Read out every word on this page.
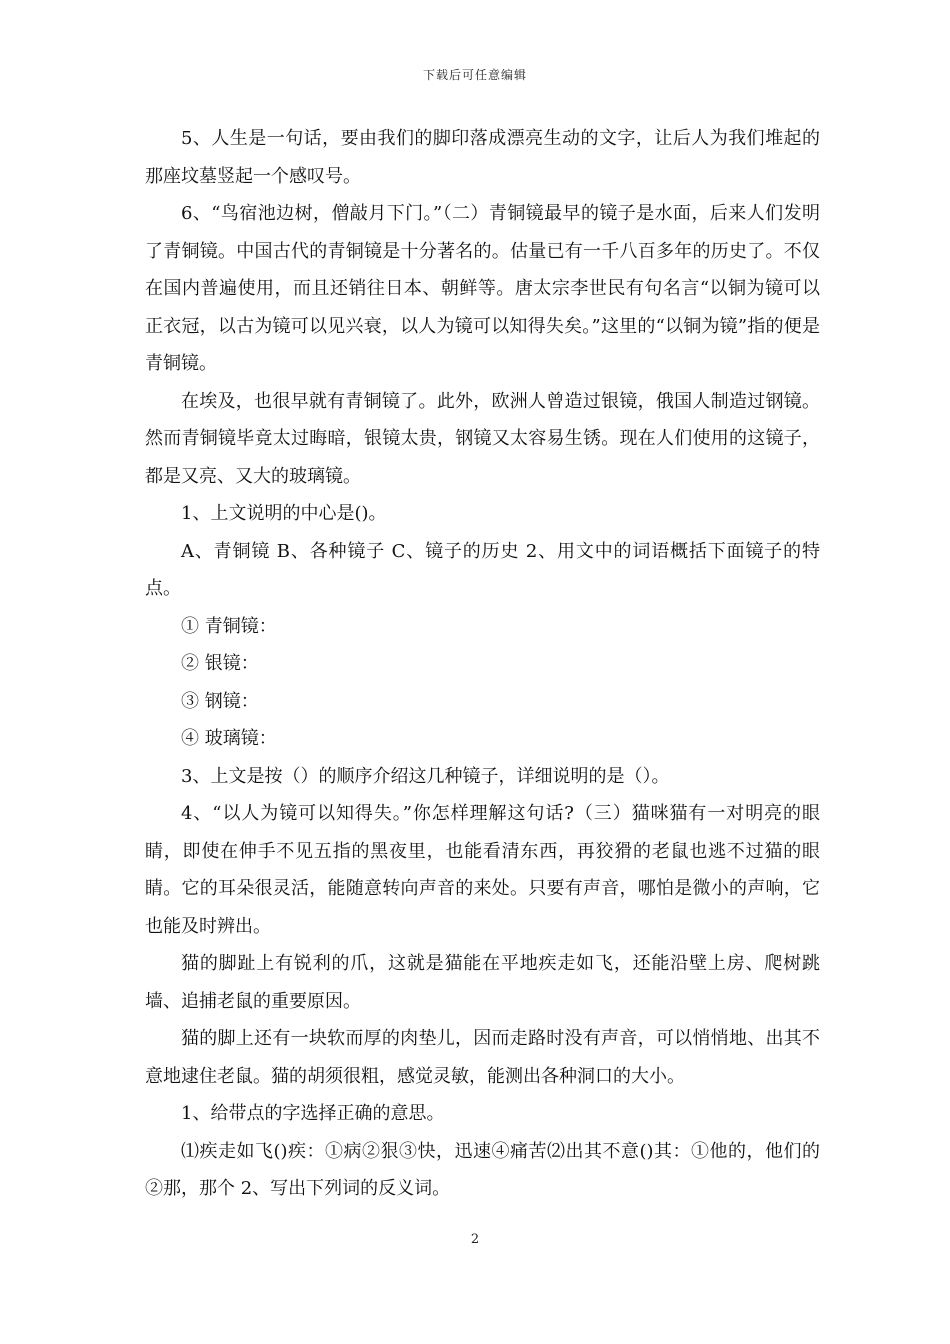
下载后可任意编辑

5、人生是一句话，要由我们的脚印落成漂亮生动的文字，让后人为我们堆起的那座坟墓竖起一个感叹号。

6、“鸟宿池边树，僧敲月下门。”（二）青铜镜最早的镜子是水面，后来人们发明了青铜镜。中国古代的青铜镜是十分著名的。估量已有一千八百多年的历史了。不仅在国内普遍使用，而且还销往日本、朝鲜等。唐太宗李世民有句名言“以铜为镜可以正衣冠，以古为镜可以见兴衰，以人为镜可以知得失矣。”这里的“以铜为镜”指的便是青铜镜。

在埃及，也很早就有青铜镜了。此外，欧洲人曾造过银镜，俄国人制造过钢镜。然而青铜镜毕竟太过晦暗，银镜太贵，钢镜又太容易生锈。现在人们使用的这镜子，都是又亮、又大的玻璃镜。

1、上文说明的中心是()。

A、青铜镜 B、各种镜子 C、镜子的历史 2、用文中的词语概括下面镜子的特点。

① 青铜镜：

② 银镜：

③ 钢镜：

④ 玻璃镜：

3、上文是按（）的顺序介绍这几种镜子，详细说明的是（）。

4、“以人为镜可以知得失。”你怎样理解这句话?（三）猫咪猫有一对明亮的眼睛，即使在伸手不见五指的黑夜里，也能看清东西，再狡猾的老鼠也逃不过猫的眼睛。它的耳朵很灵活，能随意转向声音的来处。只要有声音，哪怕是微小的声响，它也能及时辨出。

猫的脚趾上有锐利的爪，这就是猫能在平地疾走如飞，还能沿壁上房、爬树跳墙、追捕老鼠的重要原因。

猫的脚上还有一块软而厚的肉垫儿，因而走路时没有声音，可以悄悄地、出其不意地逮住老鼠。猫的胡须很粗，感觉灵敏，能测出各种洞口的大小。

1、给带点的字选择正确的意思。

⑴疾走如飞()疾：①病②狠③快，迅速④痛苦⑵出其不意()其：①他的，他们的②那，那个 2、写出下列词的反义词。

2
